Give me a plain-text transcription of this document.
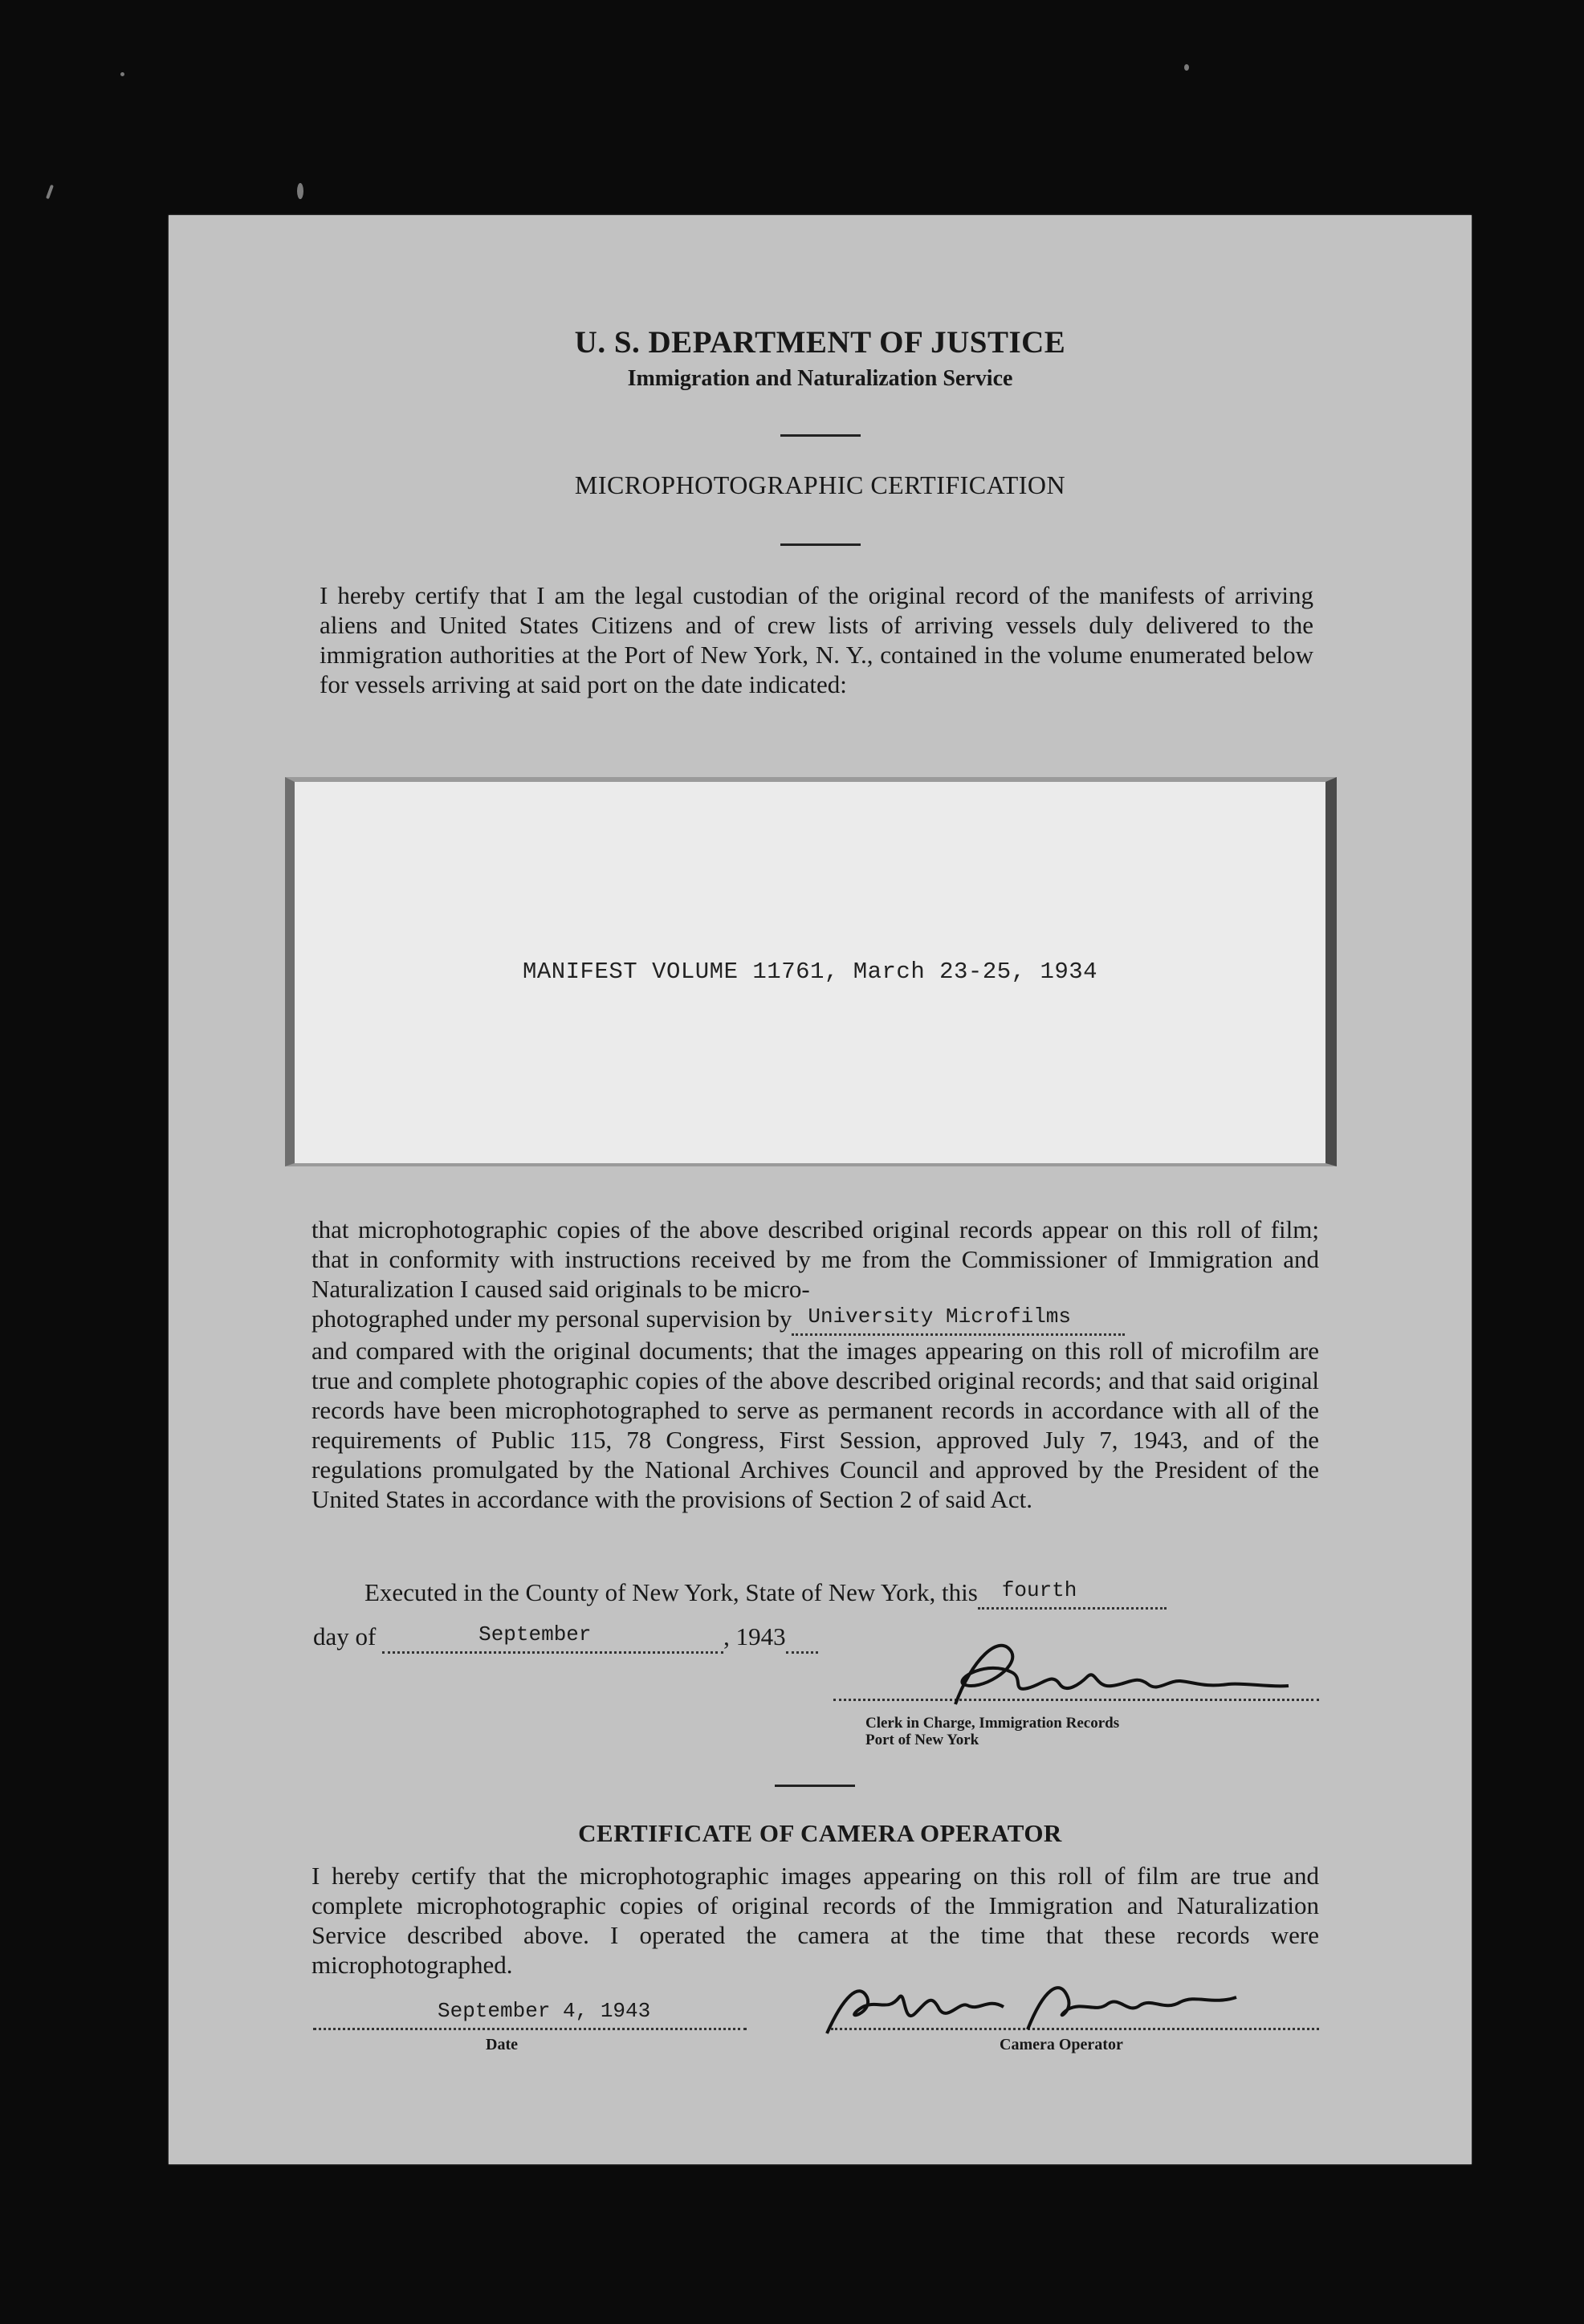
U. S. DEPARTMENT OF JUSTICE
Immigration and Naturalization Service
MICROPHOTOGRAPHIC CERTIFICATION
I hereby certify that I am the legal custodian of the original record of the manifests of arriving aliens and United States Citizens and of crew lists of arriving vessels duly delivered to the immigration authorities at the Port of New York, N. Y., contained in the volume enumerated below for vessels arriving at said port on the date indicated:
MANIFEST VOLUME 11761, March 23-25, 1934
that microphotographic copies of the above described original records appear on this roll of film; that in conformity with instructions received by me from the Commissioner of Immigration and Naturalization I caused said originals to be micro-
photographed under my personal supervision by University Microfilms

and compared with the original documents; that the images appearing on this roll of microfilm are true and complete photographic copies of the above described original records; and that said original records have been microphotographed to serve as permanent records in accordance with all of the requirements of Public 115, 78 Congress, First Session, approved July 7, 1943, and of the regulations promulgated by the National Archives Council and approved by the President of the United States in accordance with the provisions of Section 2 of said Act.
Executed in the County of New York, State of New York, this fourth

day of	September	, 1943
Clerk in Charge, Immigration Records
Port of New York
CERTIFICATE OF CAMERA OPERATOR
I hereby certify that the microphotographic images appearing on this roll of film are true and complete microphotographic copies of original records of the Immigration and Naturalization Service described above. I operated the camera at the time that these records were microphotographed.
September 4, 1943
Date	Camera Operator
